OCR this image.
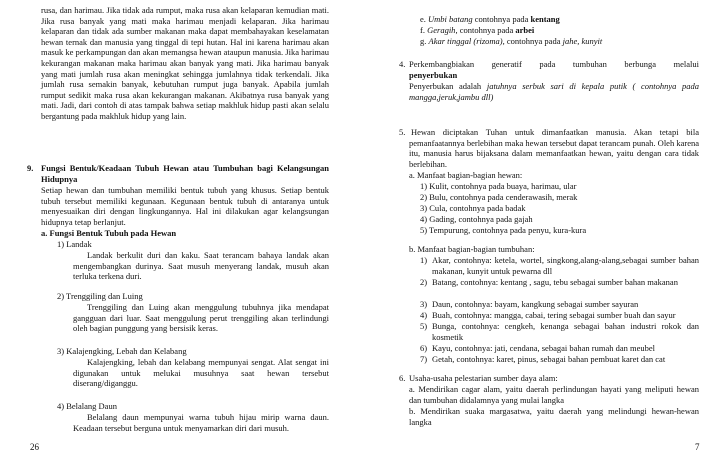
rusa, dan harimau. Jika tidak ada rumput, maka rusa akan kelaparan kemudian mati. Jika rusa banyak yang mati maka harimau menjadi kelaparan. Jika harimau kelaparan dan tidak ada sumber makanan maka dapat membahayakan keselamatan hewan ternak dan manusia yang tinggal di tepi hutan. Hal ini karena harimau akan masuk ke perkampungan dan akan memangsa hewan ataupun manusia. Jika harimau kekurangan makanan maka harimau akan banyak yang mati. Jika harimau banyak yang mati jumlah rusa akan meningkat sehingga jumlahnya tidak terkendali. Jika jumlah rusa semakin banyak, kebutuhan rumput juga banyak. Apabila jumlah rumput sedikit maka rusa akan kekurangan makanan. Akibatnya rusa banyak yang mati. Jadi, dari contoh di atas tampak bahwa setiap makhluk hidup pasti akan selalu bergantung pada makhluk hidup yang lain.

9. Fungsi Bentuk/Keadaan Tubuh Hewan atau Tumbuhan bagi Kelangsungan Hidupnya

Setiap hewan dan tumbuhan memiliki bentuk tubuh yang khusus. Setiap bentuk tubuh tersebut memiliki kegunaan. Kegunaan bentuk tubuh di antaranya untuk menyesuaikan diri dengan lingkungannya. Hal ini dilakukan agar kelangsungan hidupnya tetap berlanjut.

a. Fungsi Bentuk Tubuh pada Hewan

1) Landak

Landak berkulit duri dan kaku. Saat terancam bahaya landak akan mengembangkan durinya. Saat musuh menyerang landak, musuh akan terluka terkena duri.

2) Trenggiling dan Luing

Trenggiling dan Luing akan menggulung tubuhnya jika mendapat gangguan dari luar. Saat menggulung perut trenggiling akan terlindungi oleh bagian punggung yang bersisik keras.

3) Kalajengking, Lebah dan Kelabang

Kalajengking, lebah dan kelabang mempunyai sengat. Alat sengat ini digunakan untuk melukai musuhnya saat hewan tersebut diserang/diganggu.

4) Belalang Daun

Belalang daun mempunyai warna tubuh hijau mirip warna daun. Keadaan tersebut berguna untuk menyamarkan diri dari musuh.

26

e. Umbi batang contohnya pada kentang

f. Geragih, contohnya pada arbei

g. Akar tinggal (rizoma), contohnya pada jahe, kunyit

4. Perkembangbiakan generatif pada tumbuhan berbunga melalui

penyerbukan

Penyerbukan adalah jatuhnya serbuk sari di kepala putik ( contohnya pada mangga,jeruk,jambu dll)

5. Hewan diciptakan Tuhan untuk dimanfaatkan manusia. Akan tetapi bila pemanfaatannya berlebihan maka hewan tersebut dapat terancam punah. Oleh karena itu, manusia harus bijaksana dalam memanfaatkan hewan, yaitu dengan cara tidak berlebihan.

a. Manfaat bagian-bagian hewan:

1) Kulit, contohnya pada buaya, harimau, ular

2) Bulu, contohnya pada cenderawasih, merak

3) Cula, contohnya pada badak

4) Gading, contohnya pada gajah

5) Tempurung, contohnya pada penyu, kura-kura

b. Manfaat bagian-bagian tumbuhan:

1) Akar, contohnya: ketela, wortel, singkong,alang-alang,sebagai sumber bahan makanan, kunyit untuk pewarna dll

2) Batang, contohnya: kentang , sagu, tebu sebagai sumber bahan makanan

3) Daun, contohnya: bayam, kangkung sebagai sumber sayuran

4) Buah, contohnya: mangga, cabai, tering sebagai sumber buah dan sayur

5) Bunga, contohnya: cengkeh, kenanga sebagai bahan industri rokok dan kosmetik

6) Kayu, contohnya: jati, cendana, sebagai bahan rumah dan meubel

7) Getah, contohnya: karet, pinus, sebagai bahan pembuat karet dan cat

6. Usaha-usaha pelestarian sumber daya alam:

a. Mendirikan cagar alam, yaitu daerah perlindungan hayati yang meliputi hewan dan tumbuhan didalamnya yang mulai langka

b. Mendirikan suaka margasatwa, yaitu daerah yang melindungi hewan-hewan langka

7
